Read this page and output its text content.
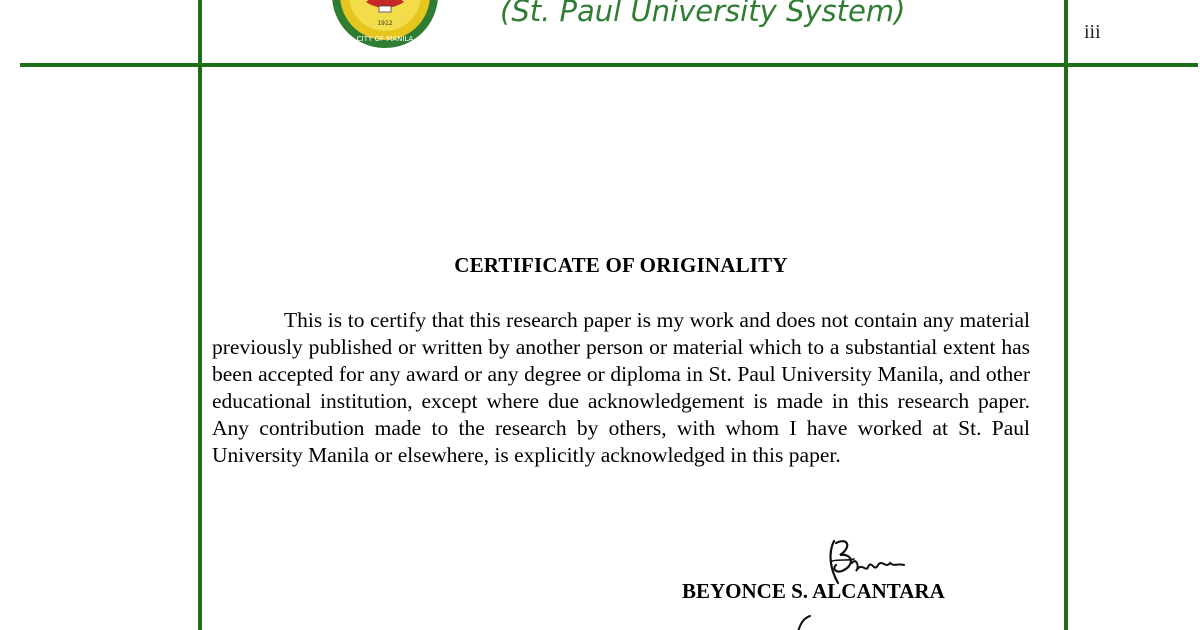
1912
CITY OF MANILA
(St. Paul University System)
iii
CERTIFICATE OF ORIGINALITY

This is to certify that this research paper is my work and does not contain any material previously published or written by another person or material which to a substantial extent has been accepted for any award or any degree or diploma in St. Paul University Manila, and other educational institution, except where due acknowledgement is made in this research paper. Any contribution made to the research by others, with whom I have worked at St. Paul University Manila or elsewhere, is explicitly acknowledged in this paper.

BEYONCE S. ALCANTARA
